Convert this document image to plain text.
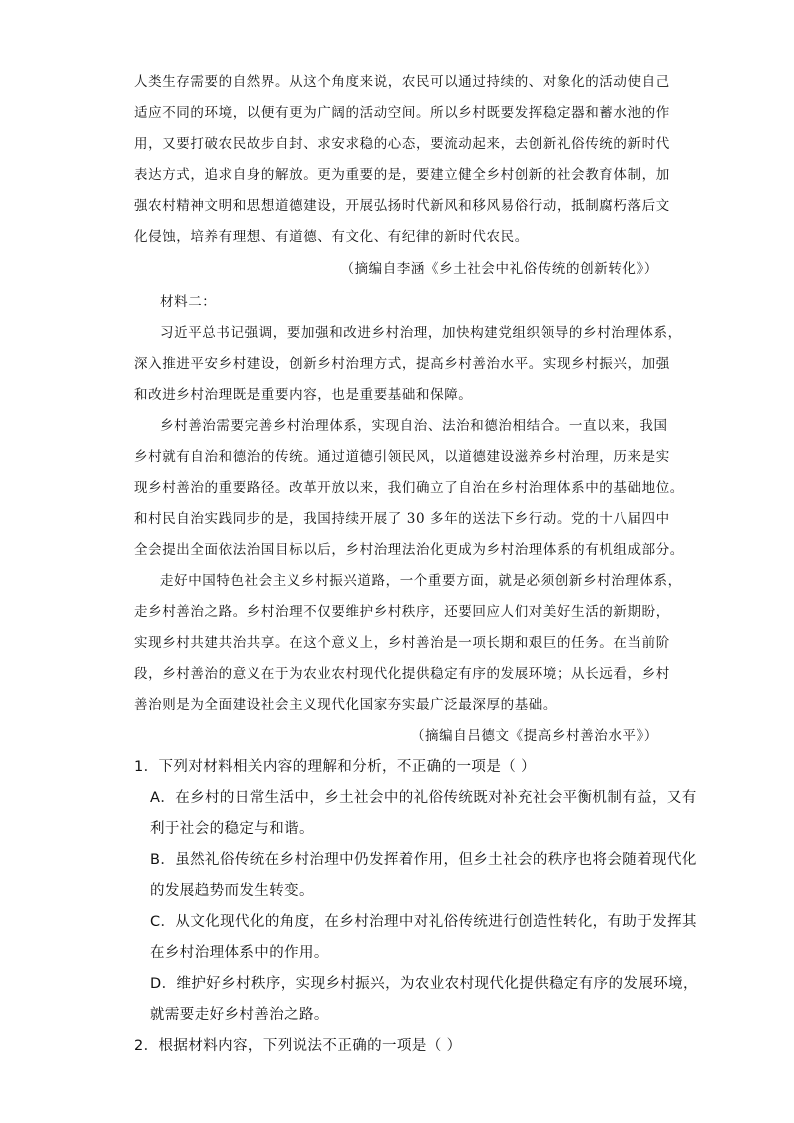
人类生存需要的自然界。从这个角度来说，农民可以通过持续的、对象化的活动使自己
适应不同的环境，以便有更为广阔的活动空间。所以乡村既要发挥稳定器和蓄水池的作
用，又要打破农民故步自封、求安求稳的心态，要流动起来，去创新礼俗传统的新时代
表达方式，追求自身的解放。更为重要的是，要建立健全乡村创新的社会教育体制，加
强农村精神文明和思想道德建设，开展弘扬时代新风和移风易俗行动，抵制腐朽落后文
化侵蚀，培养有理想、有道德、有文化、有纪律的新时代农民。
（摘编自李涵《乡土社会中礼俗传统的创新转化》）
材料二：
习近平总书记强调，要加强和改进乡村治理，加快构建党组织领导的乡村治理体系，
深入推进平安乡村建设，创新乡村治理方式，提高乡村善治水平。实现乡村振兴，加强
和改进乡村治理既是重要内容，也是重要基础和保障。
乡村善治需要完善乡村治理体系，实现自治、法治和德治相结合。一直以来，我国
乡村就有自治和德治的传统。通过道德引领民风，以道德建设滋养乡村治理，历来是实
现乡村善治的重要路径。改革开放以来，我们确立了自治在乡村治理体系中的基础地位。
和村民自治实践同步的是，我国持续开展了 30 多年的送法下乡行动。党的十八届四中
全会提出全面依法治国目标以后，乡村治理法治化更成为乡村治理体系的有机组成部分。
走好中国特色社会主义乡村振兴道路，一个重要方面，就是必须创新乡村治理体系，
走乡村善治之路。乡村治理不仅要维护乡村秩序，还要回应人们对美好生活的新期盼，
实现乡村共建共治共享。在这个意义上，乡村善治是一项长期和艰巨的任务。在当前阶
段，乡村善治的意义在于为农业农村现代化提供稳定有序的发展环境；从长远看，乡村
善治则是为全面建设社会主义现代化国家夯实最广泛最深厚的基础。
（摘编自吕德文《提高乡村善治水平》）
1．下列对材料相关内容的理解和分析，不正确的一项是（ ）
A．在乡村的日常生活中，乡土社会中的礼俗传统既对补充社会平衡机制有益，又有
利于社会的稳定与和谐。
B．虽然礼俗传统在乡村治理中仍发挥着作用，但乡土社会的秩序也将会随着现代化
的发展趋势而发生转变。
C．从文化现代化的角度，在乡村治理中对礼俗传统进行创造性转化，有助于发挥其
在乡村治理体系中的作用。
D．维护好乡村秩序，实现乡村振兴，为农业农村现代化提供稳定有序的发展环境，
就需要走好乡村善治之路。
2．根据材料内容，下列说法不正确的一项是（ ）
